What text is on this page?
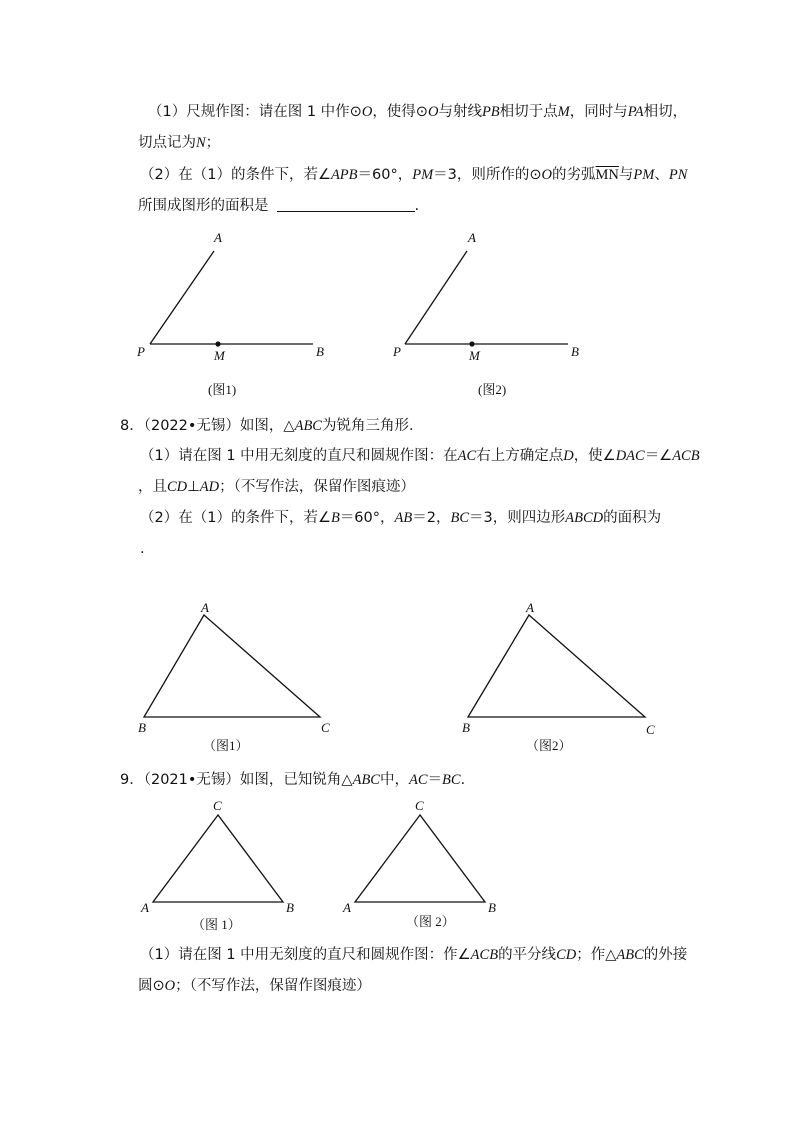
（1）尺规作图：请在图 1 中作⊙O，使得⊙O与射线PB相切于点M，同时与PA相切，
切点记为N；
（2）在（1）的条件下，若∠APB＝60°，PM＝3，则所作的⊙O的劣弧$\overline{MN}$与PM、PN
所围成图形的面积是	.
8．（2022•无锡）如图，△ABC为锐角三角形．
（1）请在图 1 中用无刻度的直尺和圆规作图：在AC右上方确定点D，使∠DAC＝∠ACB
，且CD⊥AD；（不写作法，保留作图痕迹）
（2）在（1）的条件下，若∠B＝60°，AB＝2，BC＝3，则四边形ABCD的面积为
.
9．（2021•无锡）如图，已知锐角△ABC中，AC＝BC.
（1）请在图 1 中用无刻度的直尺和圆规作图：作∠ACB的平分线CD；作△ABC的外接
圆⊙O；（不写作法，保留作图痕迹）
A
P	M	B
(图1)
A
P	M	B
(图2)
A
B	C
（图1）
A
B	C
（图2）
C
A	B
（图 1）
C
A	B
（图 2）
